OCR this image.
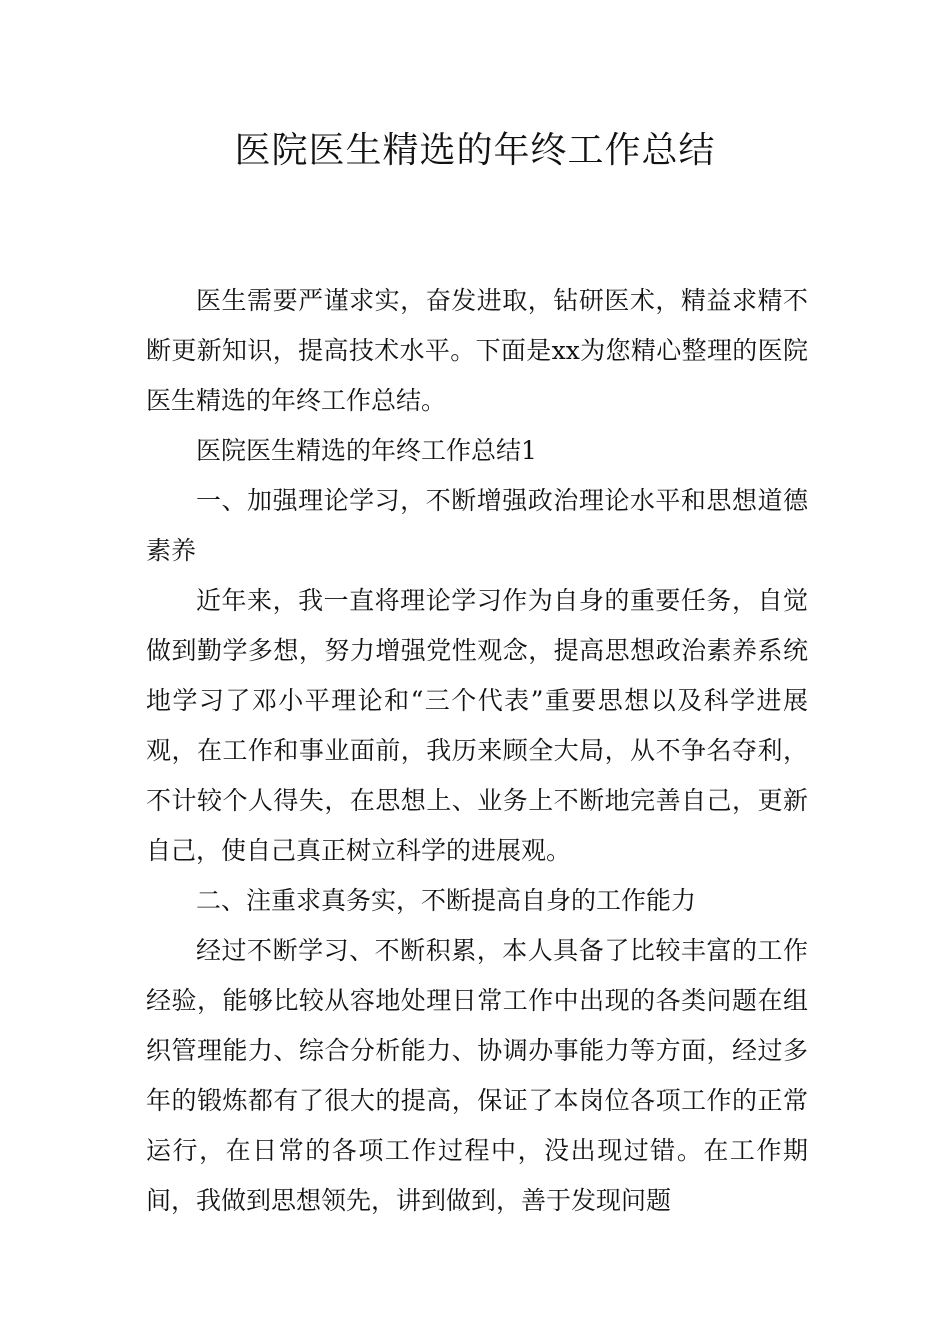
医院医生精选的年终工作总结

医生需要严谨求实，奋发进取，钻研医术，精益求精不断更新知识，提高技术水平。下面是xx为您精心整理的医院医生精选的年终工作总结。

医院医生精选的年终工作总结1

一、加强理论学习，不断增强政治理论水平和思想道德素养

近年来，我一直将理论学习作为自身的重要任务，自觉做到勤学多想，努力增强党性观念，提高思想政治素养系统地学习了邓小平理论和“三个代表”重要思想以及科学进展观，在工作和事业面前，我历来顾全大局，从不争名夺利，不计较个人得失，在思想上、业务上不断地完善自己，更新自己，使自己真正树立科学的进展观。

二、注重求真务实，不断提高自身的工作能力

经过不断学习、不断积累，本人具备了比较丰富的工作经验，能够比较从容地处理日常工作中出现的各类问题在组织管理能力、综合分析能力、协调办事能力等方面，经过多年的锻炼都有了很大的提高，保证了本岗位各项工作的正常运行，在日常的各项工作过程中，没出现过错。在工作期间，我做到思想领先，讲到做到，善于发现问题
